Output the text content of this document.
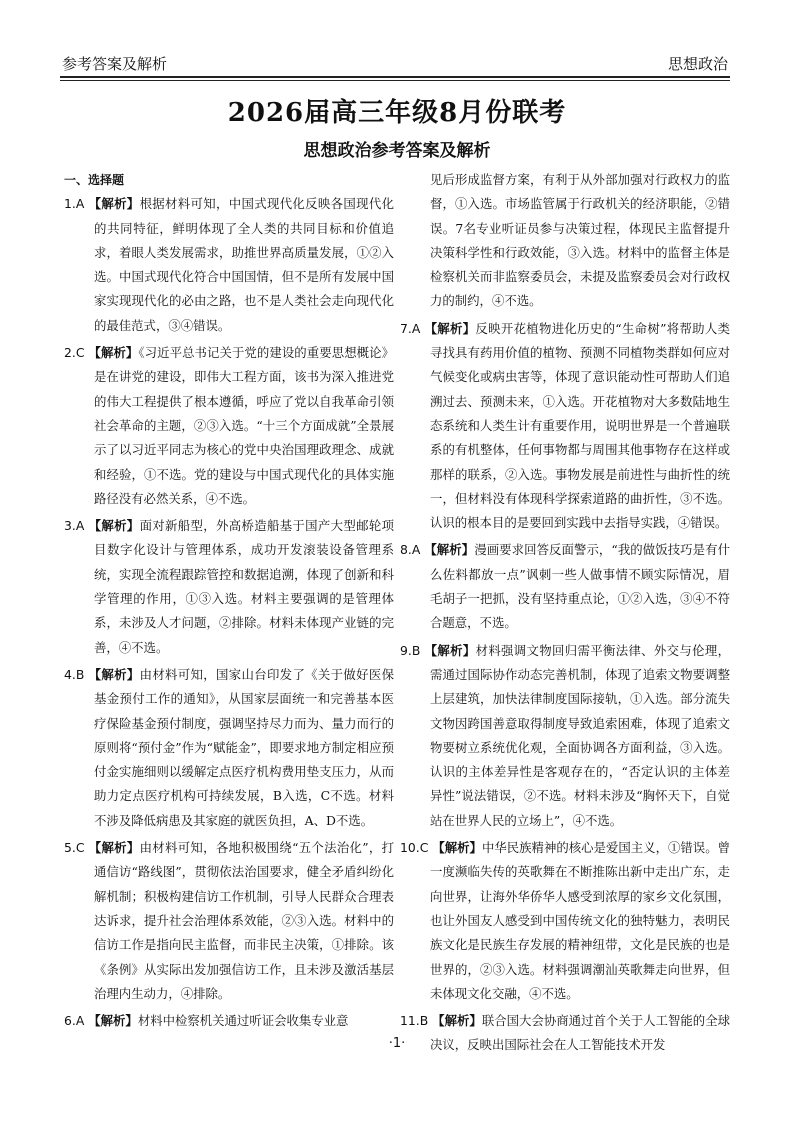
参考答案及解析	思想政治
2026届高三年级8月份联考
思想政治参考答案及解析
一、选择题
1.A 【解析】根据材料可知，中国式现代化反映各国现代化的共同特征，鲜明体现了全人类的共同目标和价值追求，着眼人类发展需求，助推世界高质量发展，①②入选。中国式现代化符合中国国情，但不是所有发展中国家实现现代化的必由之路，也不是人类社会走向现代化的最佳范式，③④错误。
2.C 【解析】《习近平总书记关于党的建设的重要思想概论》是在讲党的建设，即伟大工程方面，该书为深入推进党的伟大工程提供了根本遵循，呼应了党以自我革命引领社会革命的主题，②③入选。“十三个方面成就”全景展示了以习近平同志为核心的党中央治国理政理念、成就和经验，①不选。党的建设与中国式现代化的具体实施路径没有必然关系，④不选。
3.A 【解析】面对新船型，外高桥造船基于国产大型邮轮项目数字化设计与管理体系，成功开发滚装设备管理系统，实现全流程跟踪管控和数据追溯，体现了创新和科学管理的作用，①③入选。材料主要强调的是管理体系，未涉及人才问题，②排除。材料未体现产业链的完善，④不选。
4.B 【解析】由材料可知，国家山台印发了《关于做好医保基金预付工作的通知》，从国家层面统一和完善基本医疗保险基金预付制度，强调坚持尽力而为、量力而行的原则将“预付金”作为“赋能金”，即要求地方制定相应预付金实施细则以缓解定点医疗机构费用垫支压力，从而助力定点医疗机构可持续发展，B入选，C不选。材料不涉及降低病患及其家庭的就医负担，A、D不选。
5.C 【解析】由材料可知，各地积极围绕“五个法治化”，打通信访“路线图”，贯彻依法治国要求，健全矛盾纠纷化解机制；积极构建信访工作机制，引导人民群众合理表达诉求，提升社会治理体系效能，②③入选。材料中的信访工作是指向民主监督，而非民主决策，①排除。该《条例》从实际出发加强信访工作，且未涉及激活基层治理内生动力，④排除。
6.A 【解析】材料中检察机关通过听证会收集专业意
见后形成监督方案，有利于从外部加强对行政权力的监督，①入选。市场监管属于行政机关的经济职能，②错误。7名专业听证员参与决策过程，体现民主监督提升决策科学性和行政效能，③入选。材料中的监督主体是检察机关而非监察委员会，未提及监察委员会对行政权力的制约，④不选。
7.A 【解析】反映开花植物进化历史的“生命树”将帮助人类寻找具有药用价值的植物、预测不同植物类群如何应对气候变化或病虫害等，体现了意识能动性可帮助人们追溯过去、预测未来，①入选。开花植物对大多数陆地生态系统和人类生计有重要作用，说明世界是一个普遍联系的有机整体，任何事物都与周围其他事物存在这样或那样的联系，②入选。事物发展是前进性与曲折性的统一，但材料没有体现科学探索道路的曲折性，③不选。认识的根本目的是要回到实践中去指导实践，④错误。
8.A 【解析】漫画要求回答反面警示，“我的做饭技巧是有什么佐料都放一点”讽刺一些人做事情不顾实际情况，眉毛胡子一把抓，没有坚持重点论，①②入选，③④不符合题意，不选。
9.B 【解析】材料强调文物回归需平衡法律、外交与伦理，需通过国际协作动态完善机制，体现了追索文物要调整上层建筑，加快法律制度国际接轨，①入选。部分流失文物因跨国善意取得制度导致追索困难，体现了追索文物要树立系统优化观，全面协调各方面利益，③入选。认识的主体差异性是客观存在的，“否定认识的主体差异性”说法错误，②不选。材料未涉及“胸怀天下，自觉站在世界人民的立场上”，④不选。
10.C 【解析】中华民族精神的核心是爱国主义，①错误。曾一度濒临失传的英歌舞在不断推陈出新中走出广东，走向世界，让海外华侨华人感受到浓厚的家乡文化氛围，也让外国友人感受到中国传统文化的独特魅力，表明民族文化是民族生存发展的精神纽带，文化是民族的也是世界的，②③入选。材料强调潮汕英歌舞走向世界，但未体现文化交融，④不选。
11.B 【解析】联合国大会协商通过首个关于人工智能的全球决议，反映出国际社会在人工智能技术开发
·1·
